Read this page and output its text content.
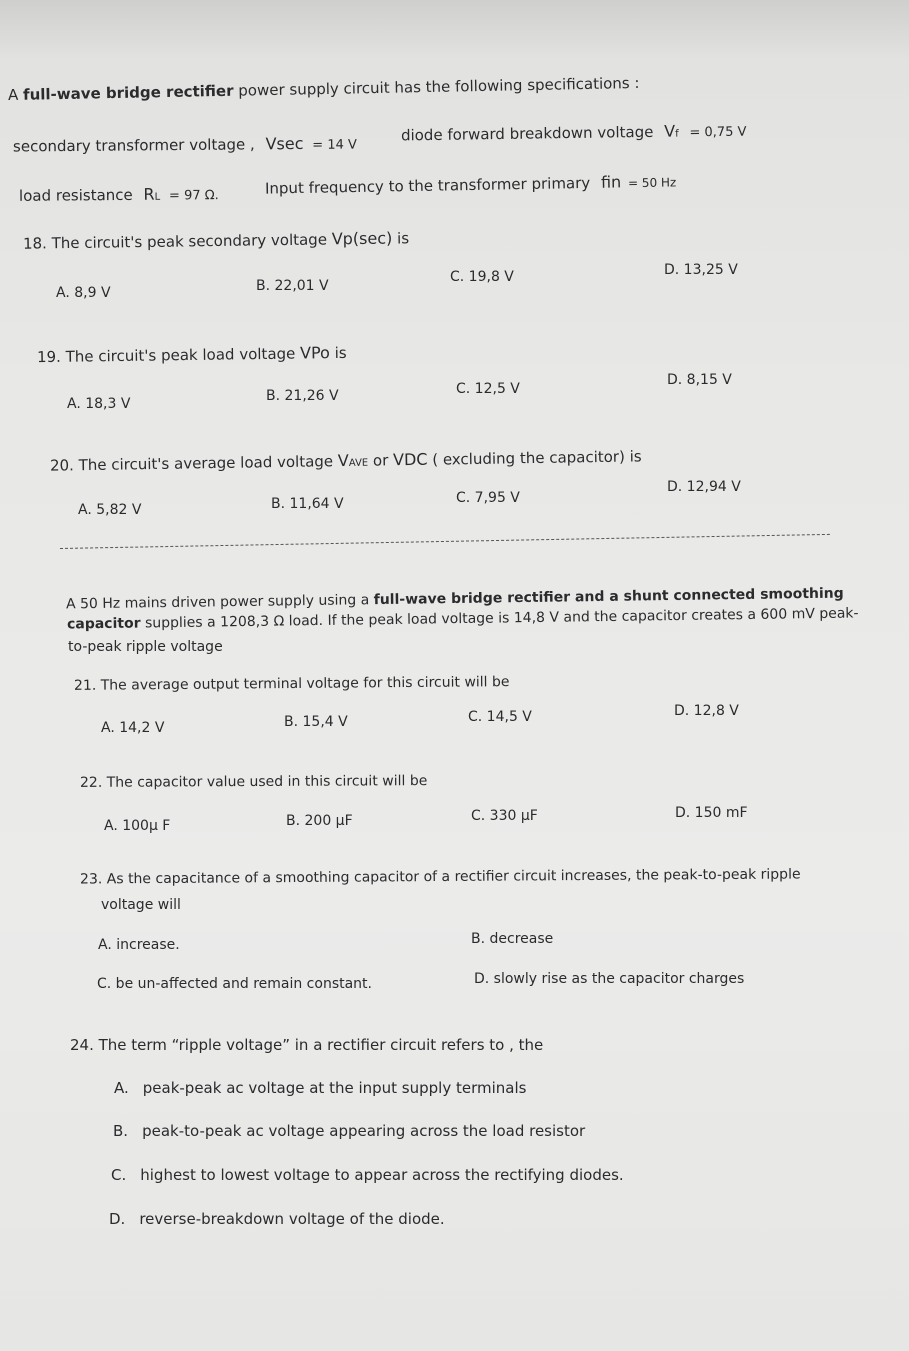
A full-wave bridge rectifier power supply circuit has the following specifications :
secondary transformer voltage , Vsec = 14 V
diode forward breakdown voltage Vf = 0,75 V
load resistance RL = 97 Ω.	Input frequency to the transformer primary fin = 50 Hz
18. The circuit's peak secondary voltage Vp(sec) is
A. 8,9 V	B. 22,01 V
C. 19,8 V	D. 13,25 V
19. The circuit's peak load voltage VPo is
A. 18,3 V	B. 21,26 V	C. 12,5 V
D. 8,15 V
20. The circuit's average load voltage VAVE or VDC ( excluding the capacitor) is
A. 5,82 V	B. 11,64 V	C. 7,95 V
D. 12,94 V
A 50 Hz mains driven power supply using a full-wave bridge rectifier and a shunt connected smoothing
capacitor supplies a 1208,3 Ω load. If the peak load voltage is 14,8 V and the capacitor creates a 600 mV peak-
to-peak ripple voltage
21. The average output terminal voltage for this circuit will be
A. 14,2 V	B. 15,4 V	C. 14,5 V	D. 12,8 V
22. The capacitor value used in this circuit will be
A. 100μ F	B. 200 μF	C. 330 μF	D. 150 mF
23. As the capacitance of a smoothing capacitor of a rectifier circuit increases, the peak-to-peak ripple
voltage will
A. increase.	B. decrease
C. be un-affected and remain constant.	D. slowly rise as the capacitor charges
24. The term “ripple voltage” in a rectifier circuit refers to , the
A. peak-peak ac voltage at the input supply terminals
B. peak-to-peak ac voltage appearing across the load resistor
C. highest to lowest voltage to appear across the rectifying diodes.
D. reverse-breakdown voltage of the diode.
